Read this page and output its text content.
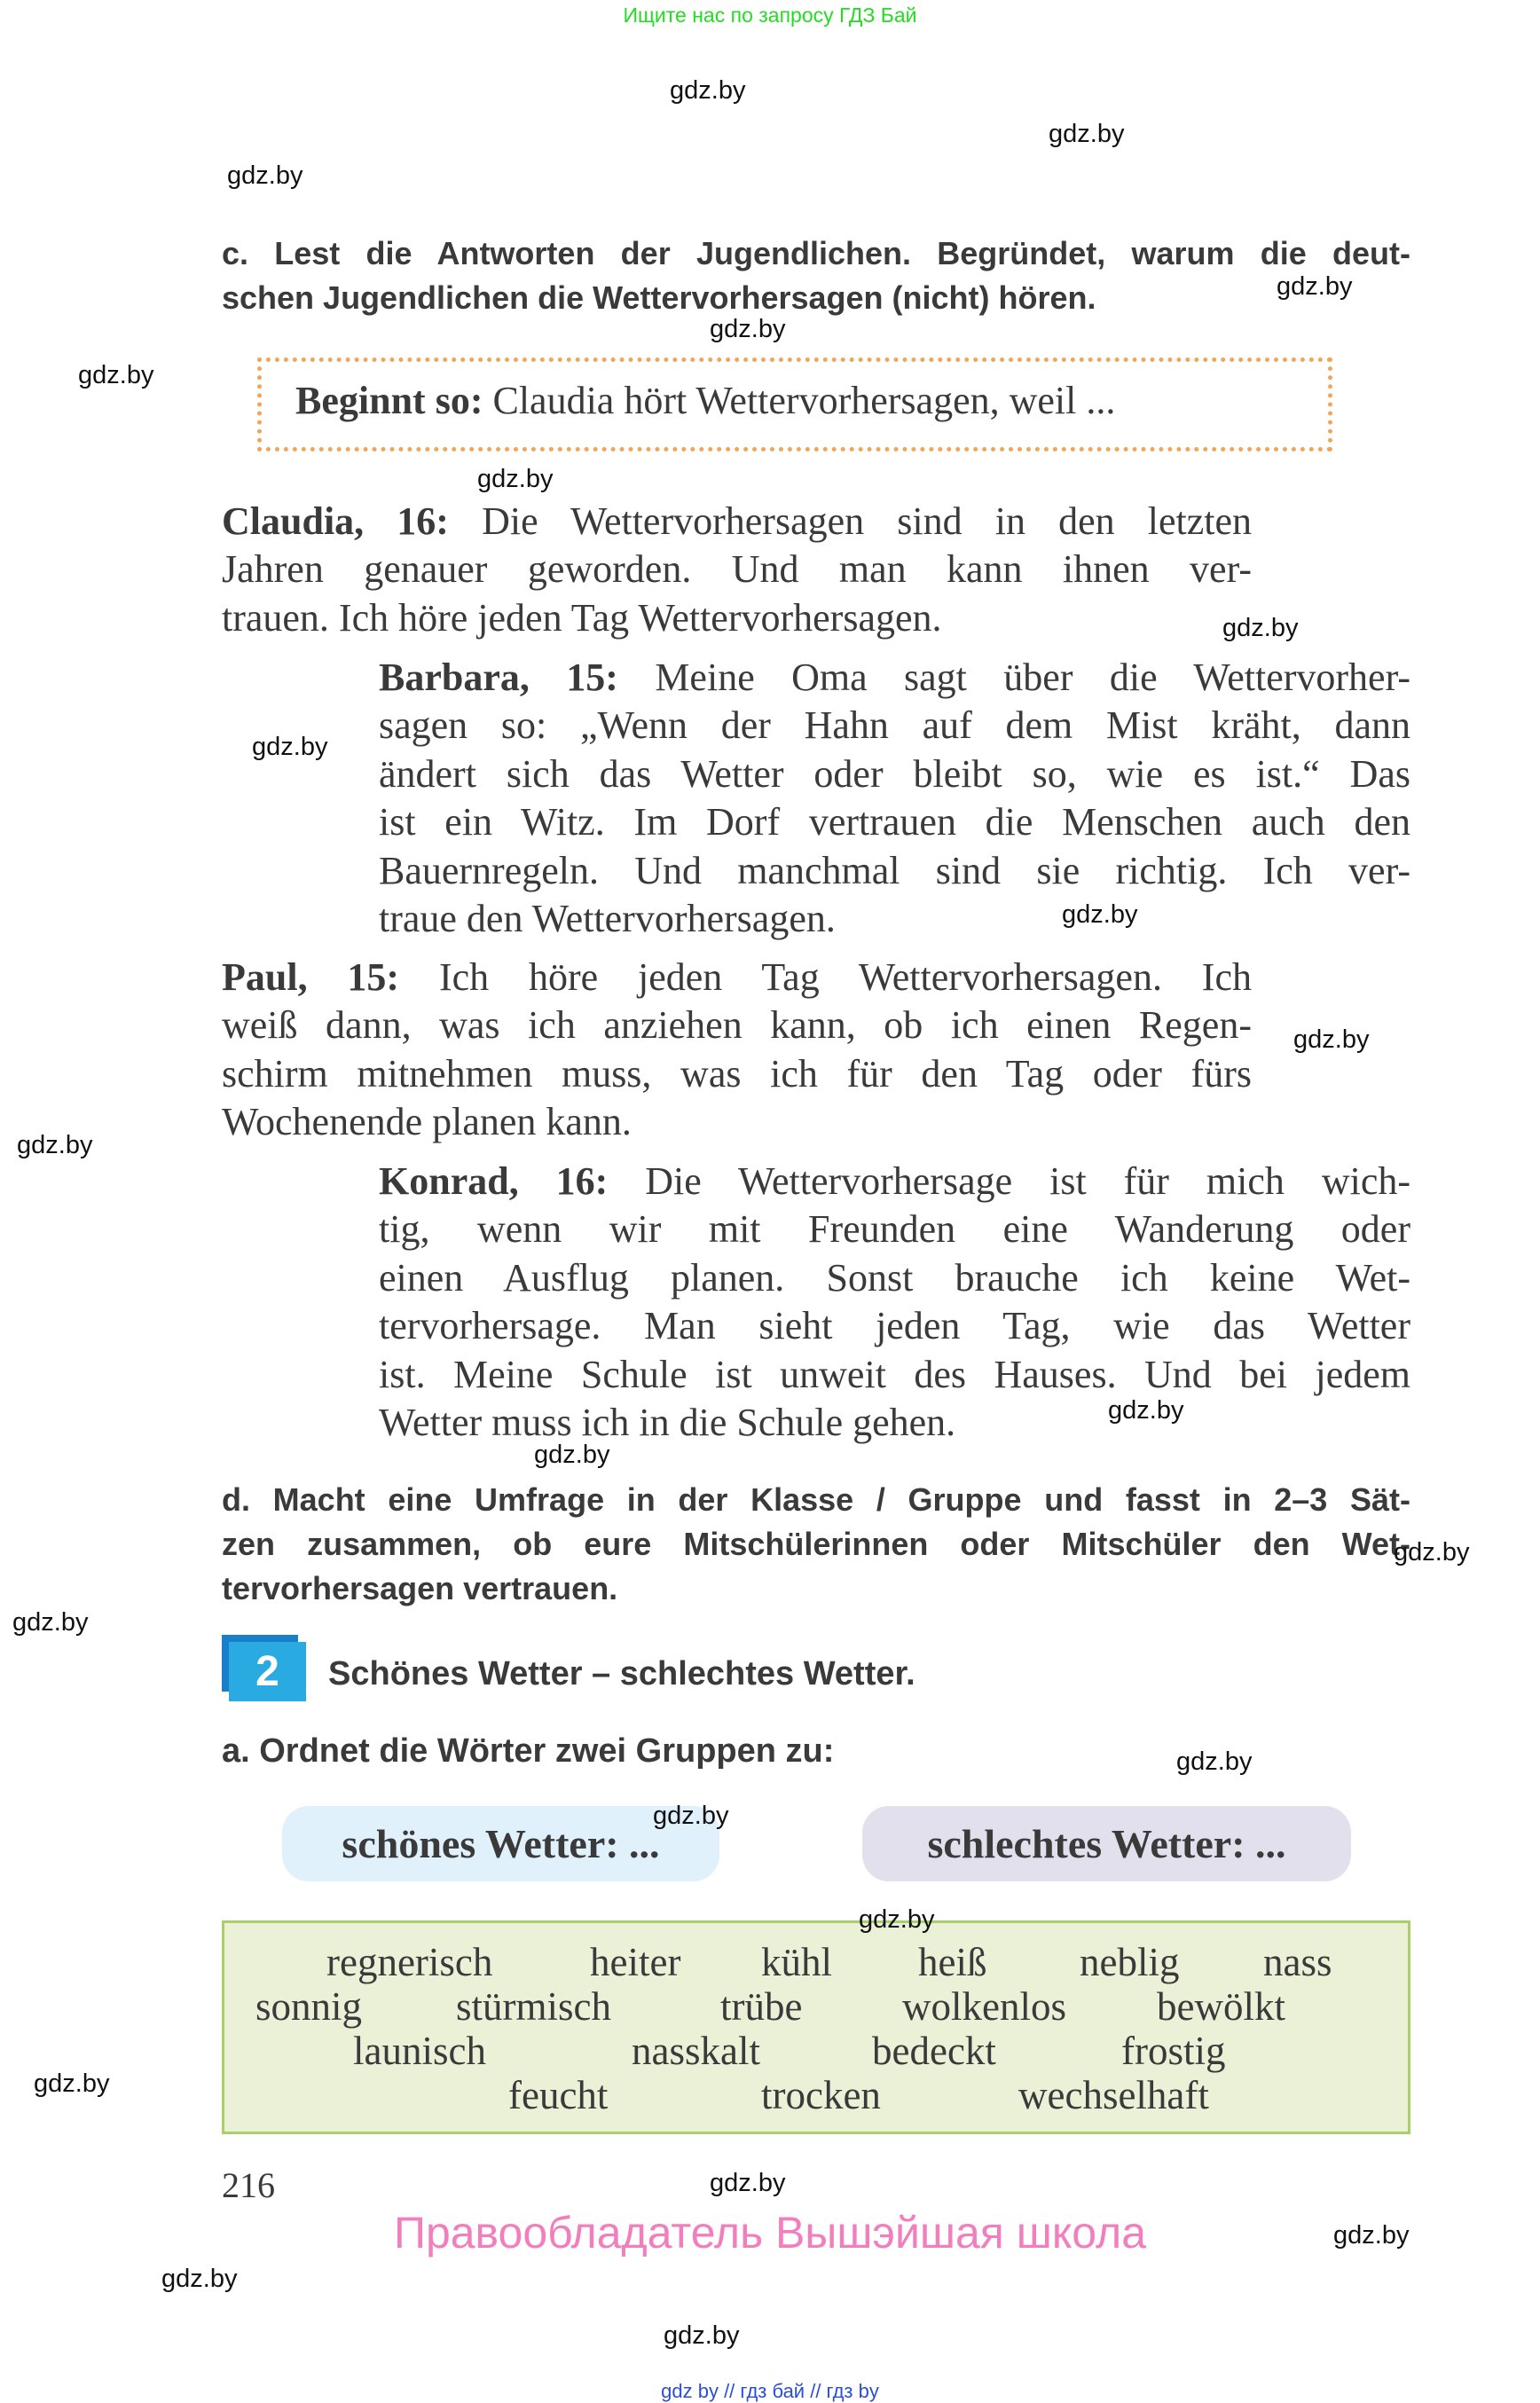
Ищите нас по запросу ГДЗ Бай
gdz.by
gdz.by
gdz.by
gdz.by
gdz.by
gdz.by
gdz.by
gdz.by
gdz.by
gdz.by
gdz.by
gdz.by
gdz.by
gdz.by
gdz.by
gdz.by
gdz.by
gdz.by
gdz.by
gdz.by
gdz.by
gdz.by
gdz.by
gdz.by
c. Lest die Antworten der Jugendlichen. Begründet, warum die deut-
schen Jugendlichen die Wettervorhersagen (nicht) hören.
Beginnt so: Claudia hört Wettervorhersagen, weil ...
Claudia, 16: Die Wettervorhersagen sind in den letzten
Jahren genauer geworden. Und man kann ihnen ver-
trauen. Ich höre jeden Tag Wettervorhersagen.
Barbara, 15: Meine Oma sagt über die Wettervorher-
sagen so: „Wenn der Hahn auf dem Mist kräht, dann
ändert sich das Wetter oder bleibt so, wie es ist.“ Das
ist ein Witz. Im Dorf vertrauen die Menschen auch den
Bauernregeln. Und manchmal sind sie richtig. Ich ver-
traue den Wettervorhersagen.
Paul, 15: Ich höre jeden Tag Wettervorhersagen. Ich
weiß dann, was ich anziehen kann, ob ich einen Regen-
schirm mitnehmen muss, was ich für den Tag oder fürs
Wochenende planen kann.
Konrad, 16: Die Wettervorhersage ist für mich wich-
tig, wenn wir mit Freunden eine Wanderung oder
einen Ausflug planen. Sonst brauche ich keine Wet-
tervorhersage. Man sieht jeden Tag, wie das Wetter
ist. Meine Schule ist unweit des Hauses. Und bei jedem
Wetter muss ich in die Schule gehen.
d. Macht eine Umfrage in der Klasse / Gruppe und fasst in 2–3 Sät-
zen zusammen, ob eure Mitschülerinnen oder Mitschüler den Wet-
tervorhersagen vertrauen.
2	Schönes Wetter – schlechtes Wetter.
a. Ordnet die Wörter zwei Gruppen zu:
schönes Wetter: ...	schlechtes Wetter: ...
regnerisch heiter kühl heiß neblig nass
sonnig stürmisch	trübe	wolkenlos bewölkt
launisch	nasskalt	bedeckt	frostig
feucht	trocken	wechselhaft
216
Правообладатель Вышэйшая школа
gdz by // гдз бай // гдз by
